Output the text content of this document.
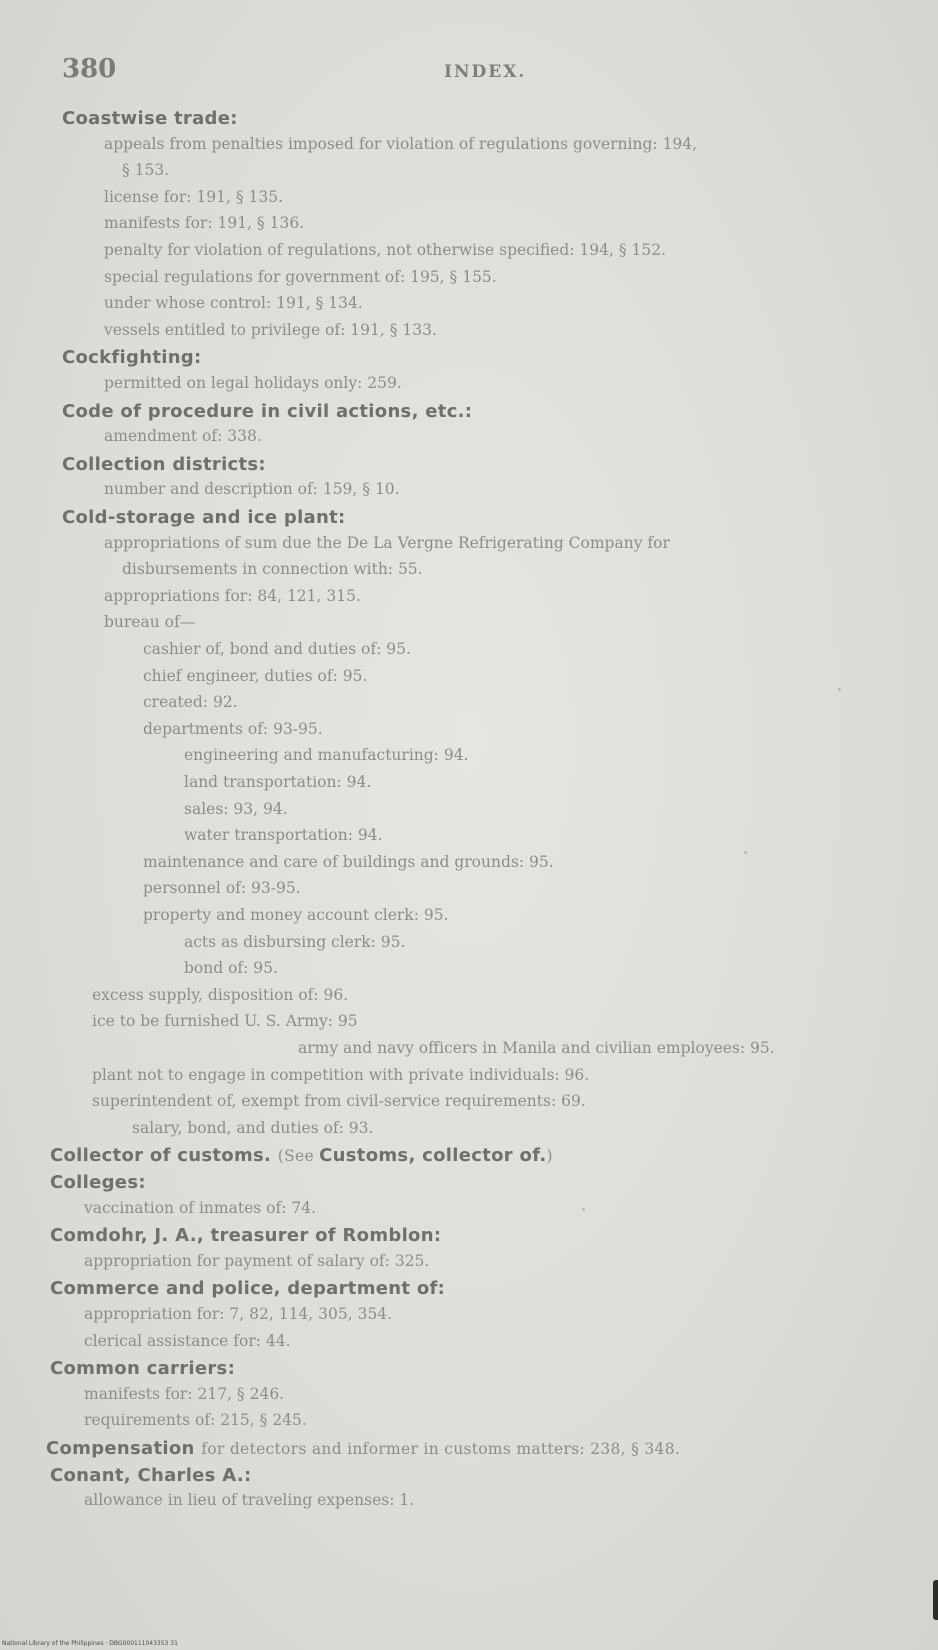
380	INDEX.
Coastwise trade:
appeals from penalties imposed for violation of regulations governing: 194,
§ 153.
license for: 191, § 135.
manifests for: 191, § 136.
penalty for violation of regulations, not otherwise specified: 194, § 152.
special regulations for government of: 195, § 155.
under whose control: 191, § 134.
vessels entitled to privilege of: 191, § 133.
Cockfighting:
permitted on legal holidays only: 259.
Code of procedure in civil actions, etc.:
amendment of: 338.
Collection districts:
number and description of: 159, § 10.
Cold-storage and ice plant:
appropriations of sum due the De La Vergne Refrigerating Company for
disbursements in connection with: 55.
appropriations for: 84, 121, 315.
bureau of—
cashier of, bond and duties of: 95.
chief engineer, duties of: 95.
created: 92.
departments of: 93-95.
engineering and manufacturing: 94.
land transportation: 94.
sales: 93, 94.
water transportation: 94.
maintenance and care of buildings and grounds: 95.
personnel of: 93-95.
property and money account clerk: 95.
acts as disbursing clerk: 95.
bond of: 95.
excess supply, disposition of: 96.
ice to be furnished U. S. Army: 95
army and navy officers in Manila and civilian employees: 95.
plant not to engage in competition with private individuals: 96.
superintendent of, exempt from civil-service requirements: 69.
salary, bond, and duties of: 93.
Collector of customs. (See Customs, collector of.)
Colleges:
vaccination of inmates of: 74.
Comdohr, J. A., treasurer of Romblon:
appropriation for payment of salary of: 325.
Commerce and police, department of:
appropriation for: 7, 82, 114, 305, 354.
clerical assistance for: 44.
Common carriers:
manifests for: 217, § 246.
requirements of: 215, § 245.
Compensation for detectors and informer in customs matters: 238, § 348.
Conant, Charles A.:
allowance in lieu of traveling expenses: 1.
National Library of the Philippines · DBG000111043353 31
